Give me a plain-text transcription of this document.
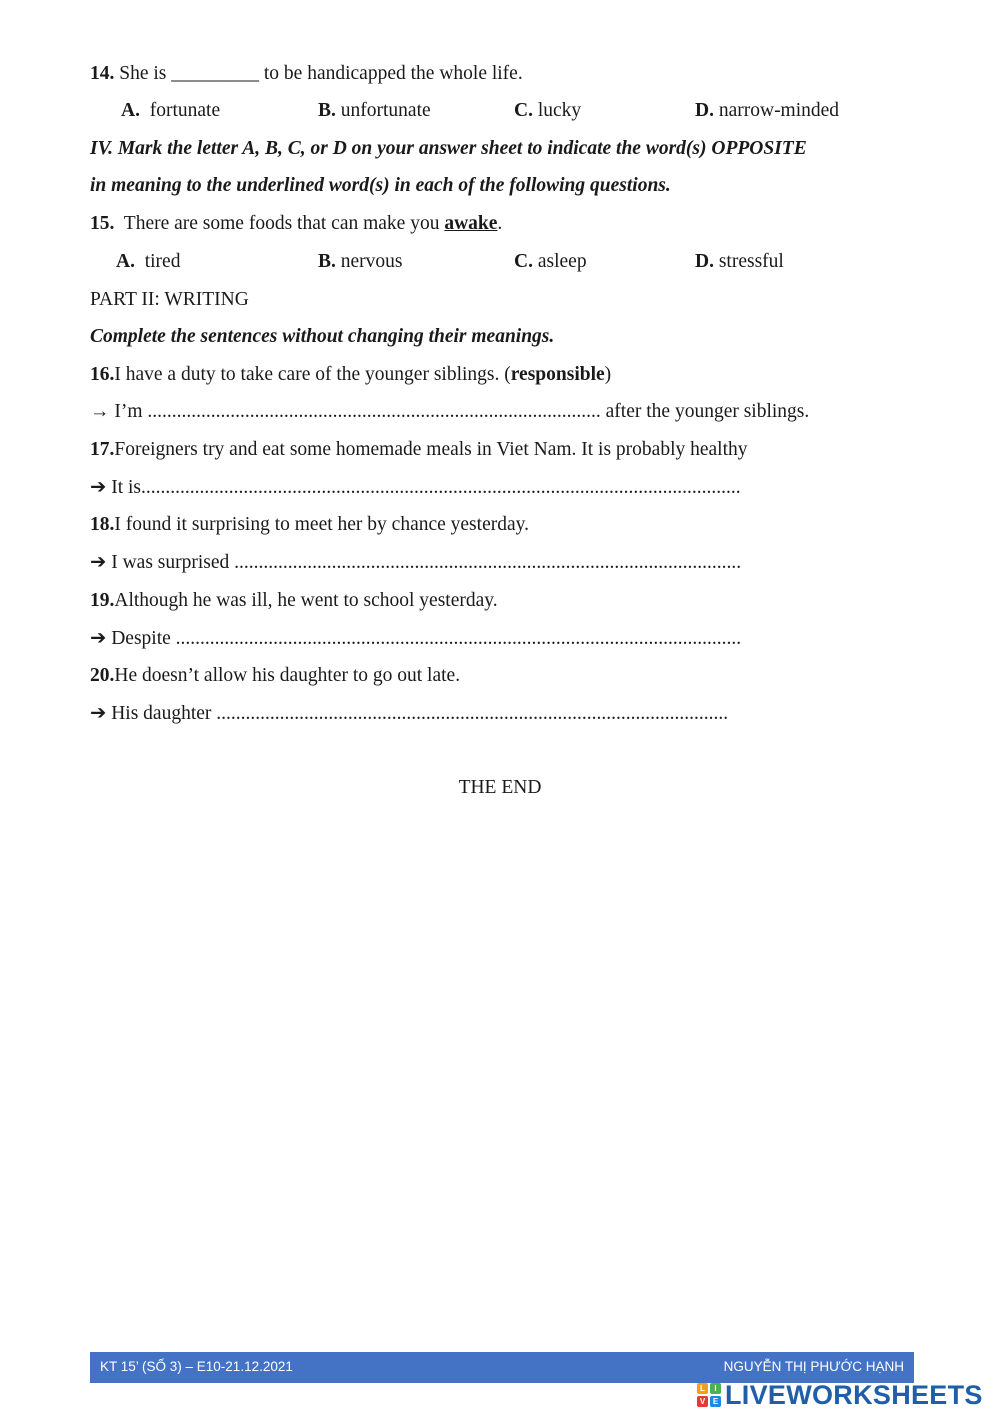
14. She is _________ to be handicapped the whole life.
A. fortunate	B. unfortunate	C. lucky	D. narrow-minded
IV. Mark the letter A, B, C, or D on your answer sheet to indicate the word(s) OPPOSITE
in meaning to the underlined word(s) in each of the following questions.
15. There are some foods that can make you awake.
A. tired	B. nervous	C. asleep	D. stressful
PART II: WRITING
Complete the sentences without changing their meanings.
16.I have a duty to take care of the younger siblings. (responsible)
→ I’m ............................................................................................. after the younger siblings.
17.Foreigners try and eat some homemade meals in Viet Nam. It is probably healthy
➔ It is...........................................................................................................................
18.I found it surprising to meet her by chance yesterday.
➔ I was surprised ........................................................................................................
19.Although he was ill, he went to school yesterday.
➔ Despite ....................................................................................................................
20.He doesn’t allow his daughter to go out late.
➔ His daughter .........................................................................................................
THE END
KT 15’ (SỐ 3) – E10-21.12.2021	NGUYỄN THỊ PHƯỚC HẠNH
L	I
V E LIVEWORKSHEETS
